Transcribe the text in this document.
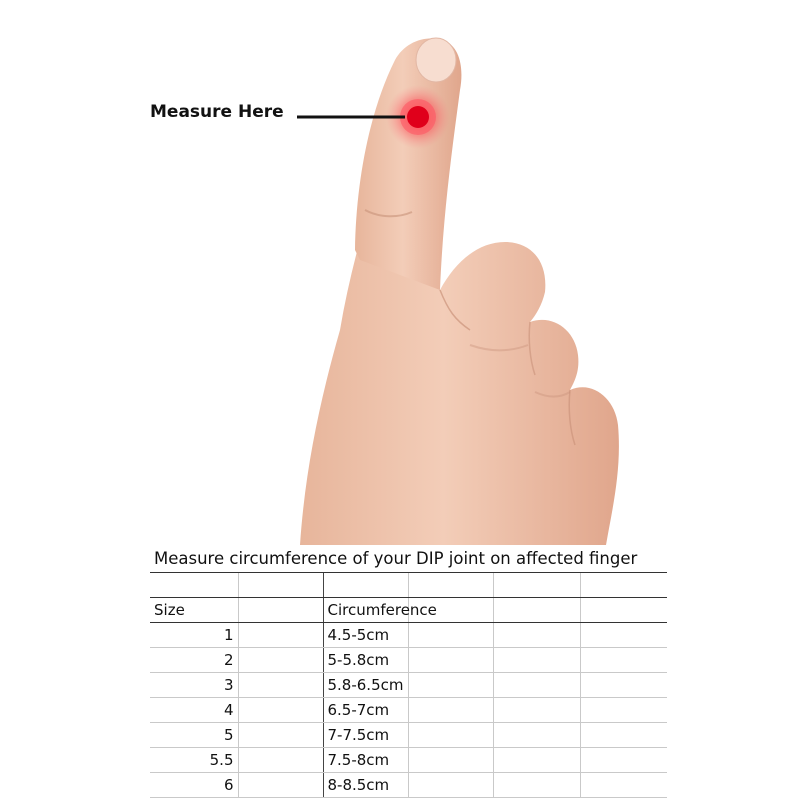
Measure Here
Measure circumference of your DIP joint on affected finger					

Size		Circumference			
1		4.5-5cm			
2		5-5.8cm			
3		5.8-6.5cm			
4		6.5-7cm			
5		7-7.5cm			
5.5		7.5-8cm			
6		8-8.5cm			
